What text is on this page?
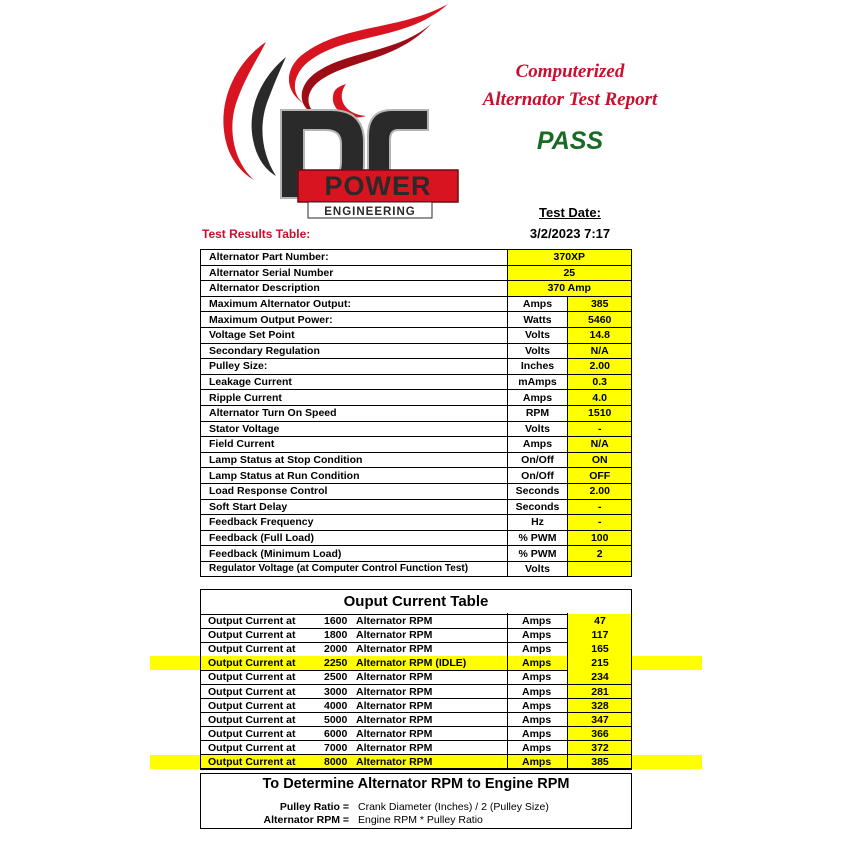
POWER
ENGINEERING
Computerized
Alternator Test Report
PASS
Test Date:
3/2/2023 7:17
Test Results Table:
Alternator Part Number:	370XP	
Alternator Serial Number	25	
Alternator Description	370 Amp	
Maximum Alternator Output:	Amps	385
Maximum Output Power:	Watts	5460
Voltage Set Point	Volts	14.8
Secondary Regulation	Volts	N/A
Pulley Size:	Inches	2.00
Leakage Current	mAmps	0.3
Ripple Current	Amps	4.0
Alternator Turn On Speed	RPM	1510
Stator Voltage	Volts	-
Field Current	Amps	N/A
Lamp Status at Stop Condition	On/Off	ON
Lamp Status at Run Condition	On/Off	OFF
Load Response Control	Seconds	2.00
Soft Start Delay	Seconds	-
Feedback Frequency	Hz	-
Feedback (Full Load)	% PWM	100
Feedback (Minimum Load)	% PWM	2
Regulator Voltage (at Computer Control Function Test)	Volts	
Ouput Current Table
Output Current at	1600 Alternator RPM	Amps	47
Output Current at	1800 Alternator RPM	Amps	117
Output Current at	2000 Alternator RPM	Amps	165
Output Current at	2250 Alternator RPM (IDLE)	Amps	215
Output Current at	2500 Alternator RPM	Amps	234
Output Current at	3000 Alternator RPM	Amps	281
Output Current at	4000 Alternator RPM	Amps	328
Output Current at	5000 Alternator RPM	Amps	347
Output Current at	6000 Alternator RPM	Amps	366
Output Current at	7000 Alternator RPM	Amps	372
Output Current at	8000 Alternator RPM	Amps	385
To Determine Alternator RPM to Engine RPM
Pulley Ratio = Crank Diameter (Inches) / 2 (Pulley Size)
Alternator RPM = Engine RPM * Pulley Ratio
